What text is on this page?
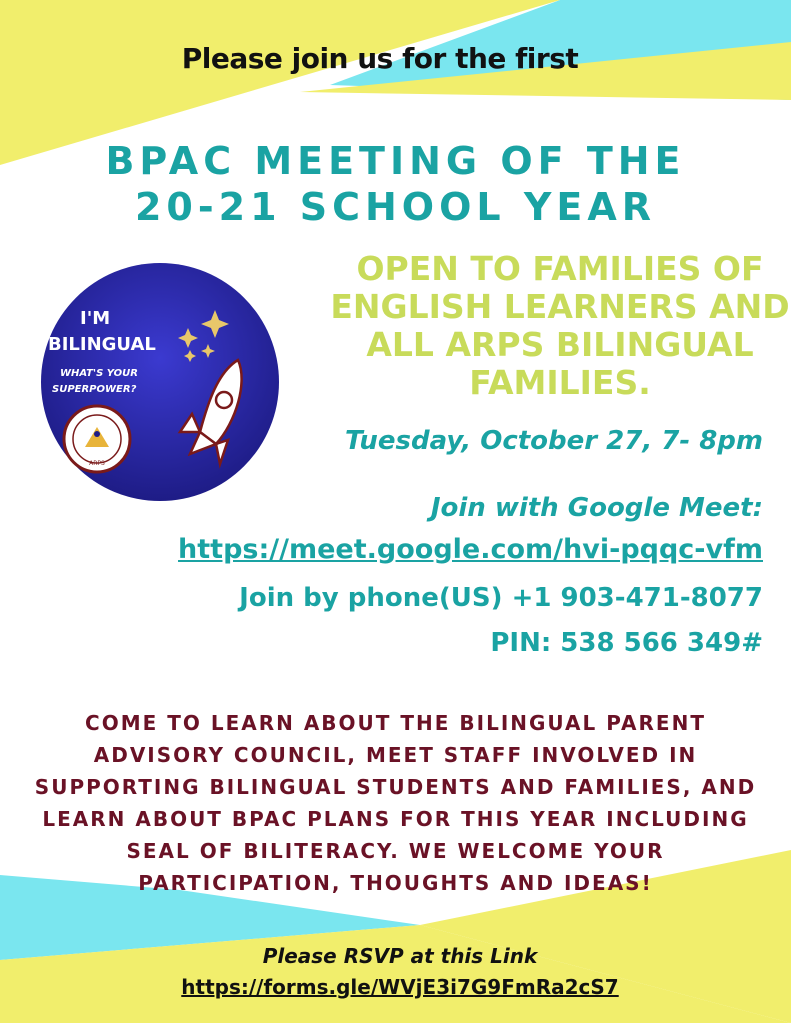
Please join us for the first
BPAC MEETING OF THE
20-21 SCHOOL YEAR
I'M
BILINGUAL
WHAT'S YOUR
SUPERPOWER?
ARPS
OPEN TO FAMILIES OF
ENGLISH LEARNERS AND
ALL ARPS BILINGUAL
FAMILIES.
Tuesday, October 27, 7- 8pm
Join with Google Meet:
https://meet.google.com/hvi-pqqc-vfm
Join by phone(US) +1 903-471-8077
PIN: 538 566 349#
COME TO LEARN ABOUT THE BILINGUAL PARENT
ADVISORY COUNCIL, MEET STAFF INVOLVED IN
SUPPORTING BILINGUAL STUDENTS AND FAMILIES, AND
LEARN ABOUT BPAC PLANS FOR THIS YEAR INCLUDING
SEAL OF BILITERACY. WE WELCOME YOUR
PARTICIPATION, THOUGHTS AND IDEAS!
Please RSVP at this Link
https://forms.gle/WVjE3i7G9FmRa2cS7
